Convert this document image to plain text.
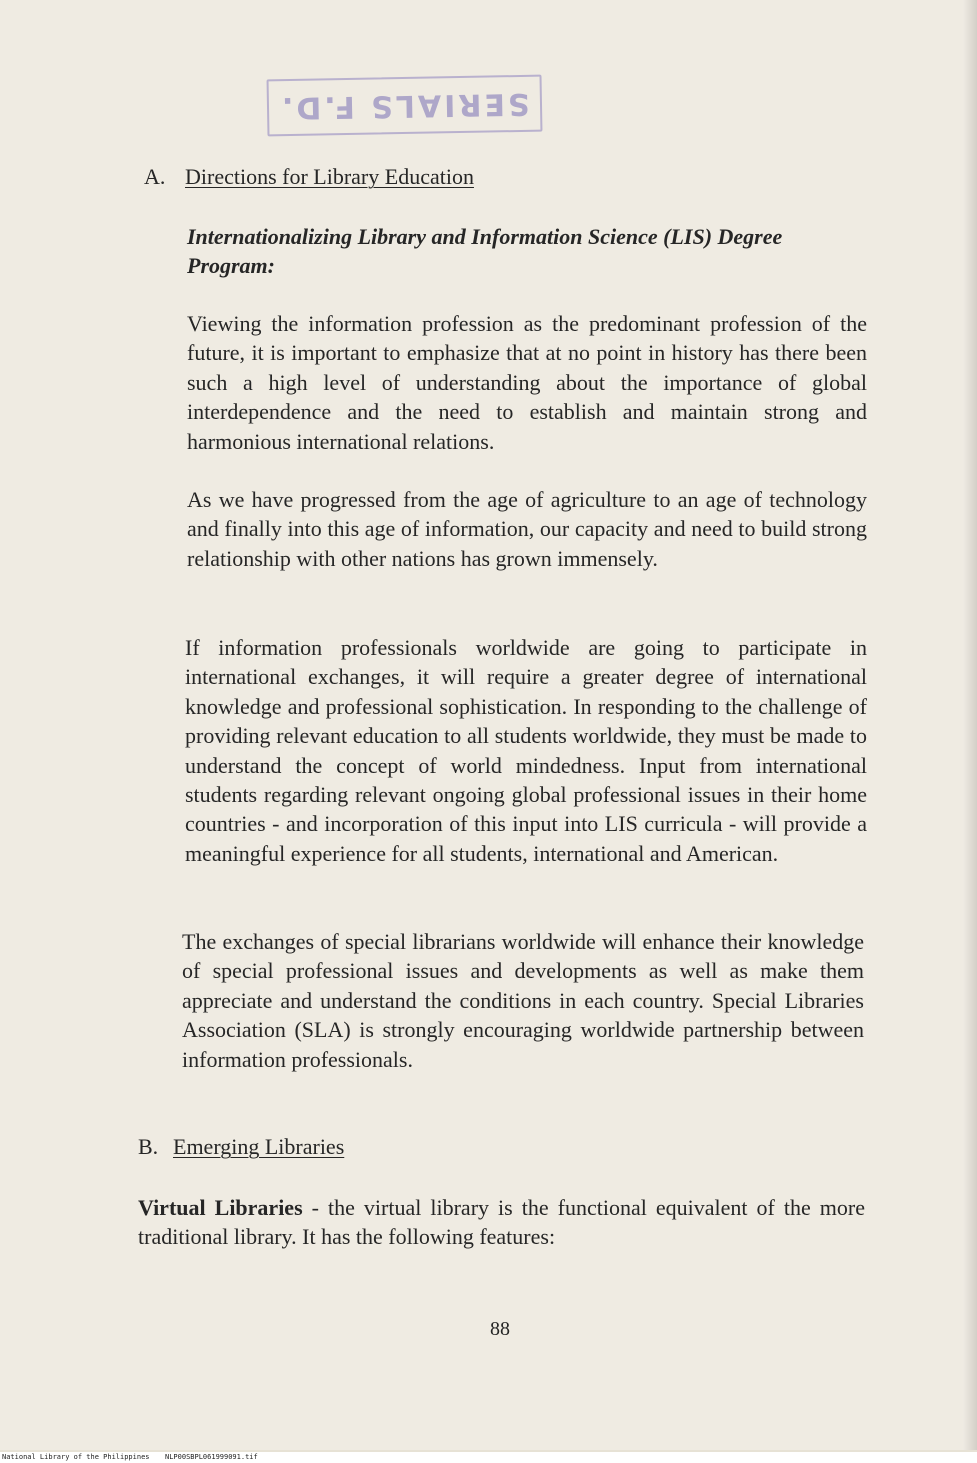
SERIALS F.D.
A. Directions for Library Education
Internationalizing Library and Information Science (LIS) Degree Program:

Viewing the information profession as the predominant profession of the future, it is important to emphasize that at no point in history has there been such a high level of understanding about the importance of global interdependence and the need to establish and maintain strong and harmonious international relations.

As we have progressed from the age of agriculture to an age of technology and finally into this age of information, our capacity and need to build strong relationship with other nations has grown immensely.

If information professionals worldwide are going to participate in international exchanges, it will require a greater degree of international knowledge and professional sophistication. In responding to the challenge of providing relevant education to all students worldwide, they must be made to understand the concept of world mindedness. Input from international students regarding relevant ongoing global professional issues in their home countries - and incorporation of this input into LIS curricula - will provide a meaningful experience for all students, international and American.

The exchanges of special librarians worldwide will enhance their knowledge of special professional issues and developments as well as make them appreciate and understand the conditions in each country. Special Libraries Association (SLA) is strongly encouraging worldwide partnership between information professionals.

B. Emerging Libraries

Virtual Libraries - the virtual library is the functional equivalent of the more traditional library. It has the following features:

88
National Library of the Philippines NLP00SBPL061999091.tif
